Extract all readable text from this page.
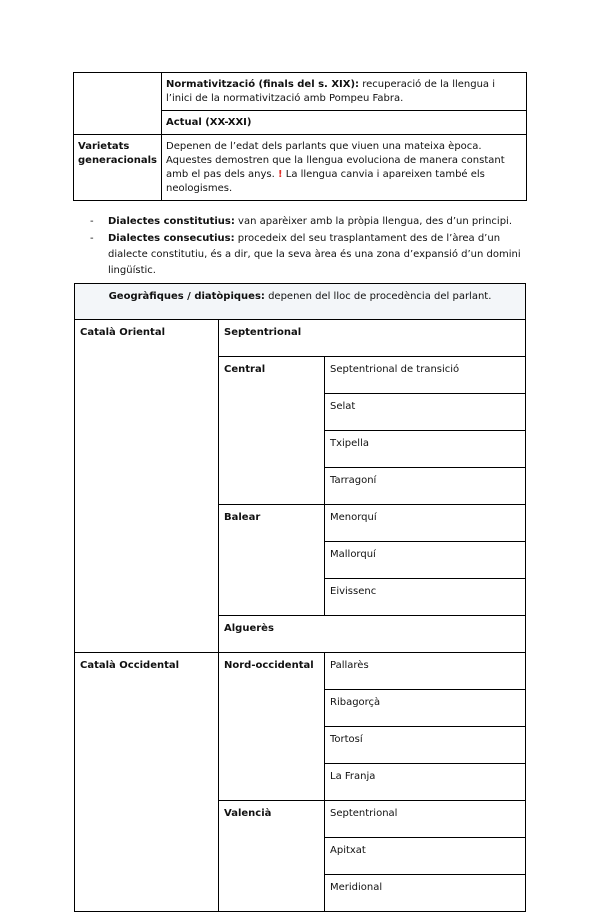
	Normativització (finals del s. XIX): recuperació de la llengua i l’inici de la normativització amb Pompeu Fabra.
	Actual (XX-XXI)
Varietats generacionals	Depenen de l’edat dels parlants que viuen una mateixa època. Aquestes demostren que la llengua evoluciona de manera constant amb el pas dels anys. ! La llengua canvia i apareixen també els neologismes.
- Dialectes constitutius: van aparèixer amb la pròpia llengua, des d’un principi.
- Dialectes consecutius: procedeix del seu trasplantament des de l’àrea d’un dialecte constitutiu, és a dir, que la seva àrea és una zona d’expansió d’un domini lingüístic.
Geogràfiques / diatòpiques: depenen del lloc de procedència del parlant.		
Català Oriental	Septentrional	
	Central	Septentrional de transició
		Selat
		Txipella
		Tarragoní
	Balear	Menorquí
		Mallorquí
		Eivissenc
	Alguerès	
Català Occidental	Nord-occidental	Pallarès
		Ribagorçà
		Tortosí
		La Franja
	Valencià	Septentrional
		Apitxat
		Meridional
